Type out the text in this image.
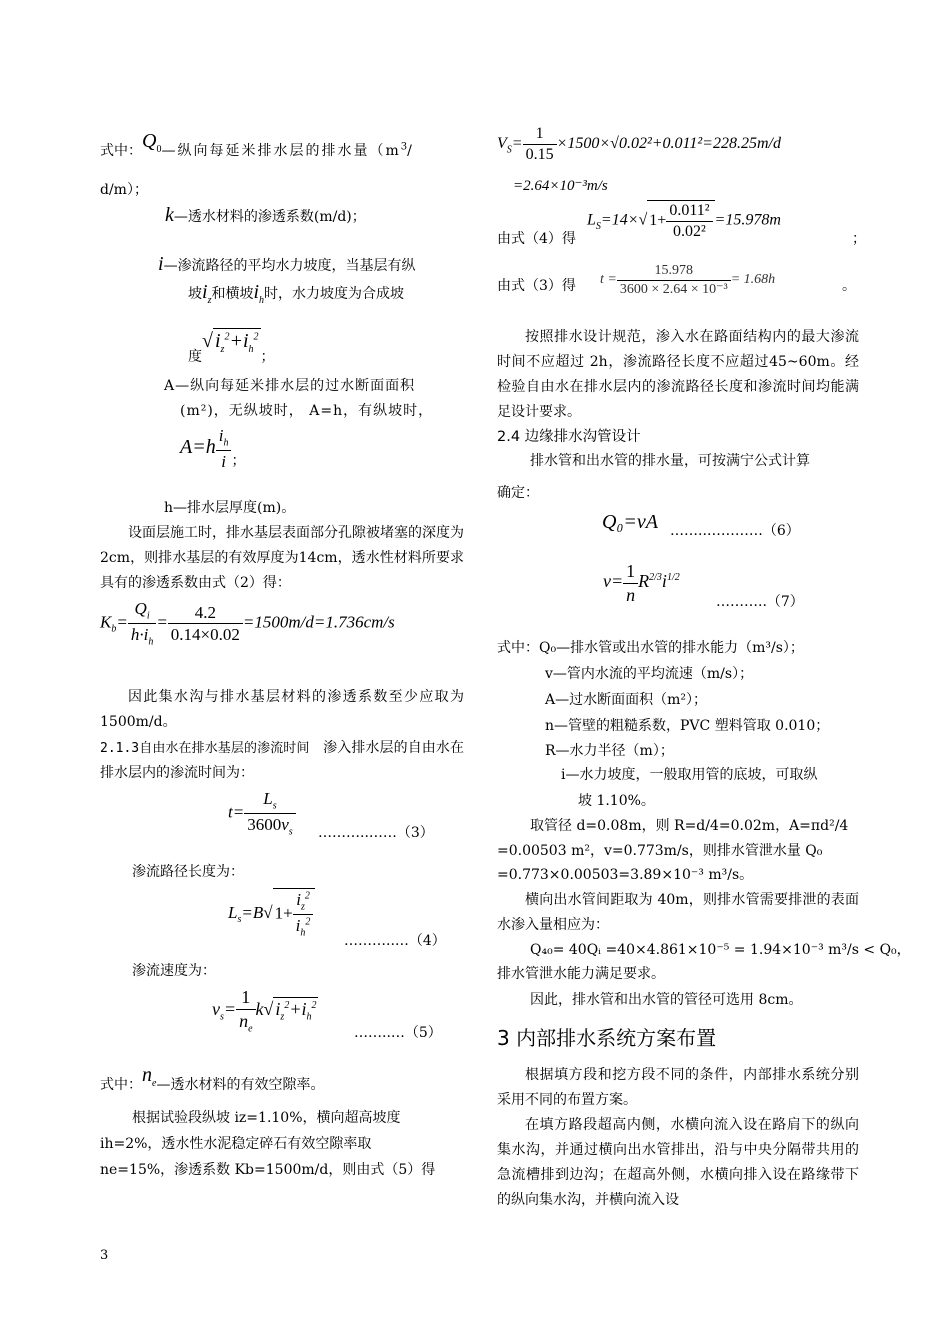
式中：$Q_0—$纵向每延米排水层的排水量（$m^3/$
d/m）；
k—透水材料的渗透系数(m/d)；
i—渗流路径的平均水力坡度，当基层有纵
坡$i_z$和横坡$i_h$时，水力坡度为合成坡
度√ $i_z^2+i_h^2$；
A—纵向每延米排水层的过水断面面积
(m²)，无纵坡时， A=h，有纵坡时，
$A=h \frac{i_h}{i} _;$
h—排水层厚度(m)。
设面层施工时，排水基层表面部分孔隙被堵塞的深度为2cm，则排水基层的有效厚度为14cm，透水性材料所要求具有的渗透系数由式（2）得：
$K_b= \frac{Q_i}{h\cdot i_h} = \frac{4.2}{0.14\times 0.02} =1500m/d=1.736cm/s$
因此集水沟与排水基层材料的渗透系数至少应取为1500m/d。
2.1.3自由水在排水基层的渗流时间 渗入排水层的自由水在排水层内的渗流时间为：
$t= \frac{L_s}{3600v_s}$ ………..……（3）
渗流路径长度为：
$L_s=B√$ $1+ \frac{i_z^2}{i_h^2}$
………..…（4）
渗流速度为：
$v_s= \frac{1}{n_e} k√$ $i_z^2+i_h^2$
……..…（5）
式中：$n_e—$透水材料的有效空隙率。
根据试验段纵坡 iz=1.10%，横向超高坡度
ih=2%，透水性水泥稳定碎石有效空隙率取
ne=15%，渗透系数 Kb=1500m/d，则由式（5）得
$V_S= \frac{1}{0.15} \times 1500\times√0.02^2+0.011^2=228.25m/d$
=2.64×10⁻³m/s
由式（4）得
$L_S=14\times√$ $1+ \frac{\text{0.011²}}{\text{0.02²}} =15.978m$
；
由式（3）得 $t = \frac{15.978}{\text{3600 × 2.64 × 10⁻³}} = 1.68h$	。
按照排水设计规范，渗入水在路面结构内的最大渗流时间不应超过 2h，渗流路径长度不应超过45~60m。经检验自由水在排水层内的渗流路径长度和渗流时间均能满足设计要求。
2.4 边缘排水沟管设计
排水管和出水管的排水量，可按满宁公式计算
确定：
Q₀=vA ……..…………（6）
$v= \frac{1}{n} R^{2/3}i^{1/2}$
………..（7）
式中：Q₀—排水管或出水管的排水能力（m³/s）；
v—管内水流的平均流速（m/s）；
A—过水断面面积（m²）；
n—管壁的粗糙系数，PVC 塑料管取 0.010；
R—水力半径（m）；
i—水力坡度，一般取用管的底坡，可取纵
坡 1.10%。
取管径 d=0.08m，则 R=d/4=0.02m，A=πd²/4
=0.00503 m²，v=0.773m/s，则排水管泄水量 Q₀
=0.773×0.00503=3.89×10⁻³ m³/s。
横向出水管间距取为 40m，则排水管需要排泄的表面水渗入量相应为：
Q₄₀= 40Qᵢ =40×4.861×10⁻⁵ = 1.94×10⁻³ m³/s < Q₀，
排水管泄水能力满足要求。
因此，排水管和出水管的管径可选用 8cm。
3 内部排水系统方案布置
根据填方段和挖方段不同的条件，内部排水系统分别采用不同的布置方案。
在填方路段超高内侧，水横向流入设在路肩下的纵向集水沟，并通过横向出水管排出，沿与中央分隔带共用的急流槽排到边沟；在超高外侧，水横向排入设在路缘带下的纵向集水沟，并横向流入设
3
